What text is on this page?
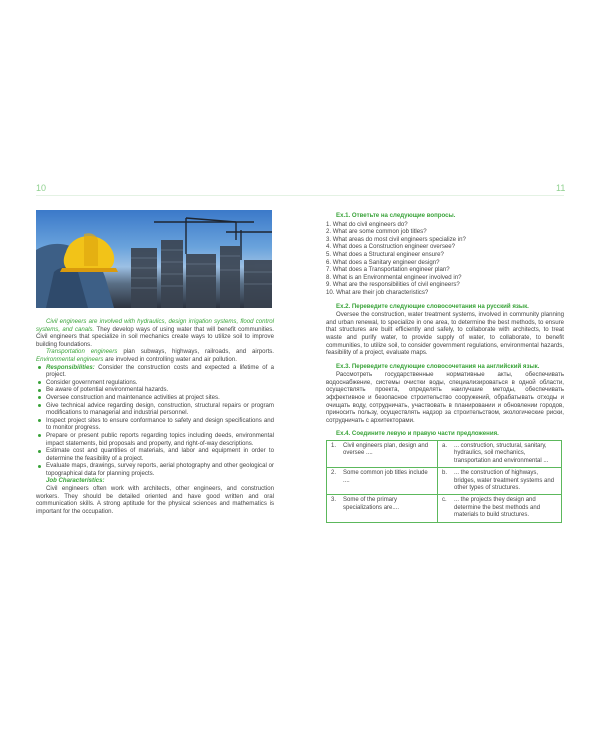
10	11

Civil engineers are involved with hydraulics, design irrigation systems, flood control systems, and canals. They develop ways of using water that will benefit communities. Civil engineers that specialize in soil mechanics create ways to utilize soil to improve building foundations.

Transportation engineers plan subways, highways, railroads, and airports. Environmental engineers are involved in controlling water and air pollution.

Responsibilities: Consider the construction costs and expected a lifetime of a project.
Consider government regulations.
Be aware of potential environmental hazards.
Oversee construction and maintenance activities at project sites.
Give technical advice regarding design, construction, structural repairs or program modifications to managerial and industrial personnel.
Inspect project sites to ensure conformance to safety and design specifications and to monitor progress.
Prepare or present public reports regarding topics including deeds, environmental impact statements, bid proposals and property, and right-of-way descriptions.
Estimate cost and quantities of materials, and labor and equipment in order to determine the feasibility of a project.
Evaluate maps, drawings, survey reports, aerial photography and other geological or topographical data for planning projects.
Job Characteristics:

Civil engineers often work with architects, other engineers, and construction workers. They should be detailed oriented and have good written and oral communication skills. A strong aptitude for the physical sciences and mathematics is important for the occupation.

Ex.1. Ответьте на следующие вопросы.
1. What do civil engineers do?
2. What are some common job titles?
3. What areas do most civil engineers specialize in?
4. What does a Construction engineer oversee?
5. What does a Structural engineer ensure?
6. What does a Sanitary engineer design?
7. What does a Transportation engineer plan?
8. What is an Environmental engineer involved in?
9. What are the responsibilities of civil engineers?
10. What are their job characteristics?
Ex.2. Переведите следующие словосочетания на русский язык.

Oversee the construction, water treatment systems, involved in community planning and urban renewal, to specialize in one area, to determine the best methods, to ensure that structures are built efficiently and safely, to collaborate with architects, to treat waste and purify water, to provide supply of water, to collaborate, to benefit communities, to utilize soil, to consider government regulations, environmental hazards, feasibility of a project, evaluate maps.

Ex.3. Переведите следующие словосочетания на английский язык.

Рассмотреть государственные нормативные акты, обеспечивать водоснабжение, системы очистки воды, специализироваться в одной области, осуществлять проекта, определять наилучшие методы, обеспечивать эффективное и безопасное строительство сооружений, обрабатывать отходы и очищать воду, сотрудничать, участвовать в планировании и обновлении городов, приносить пользу, осуществлять надзор за строительством, экологические риски, сотрудничать с архитекторами.

Ex.4. Соедините левую и правую части предложения.
1. Civil engineers plan, design and oversee ....	a. ... construction, structural, sanitary, hydraulics, soil mechanics, transportation and environmental ...

2. Some common job titles include ....	b. ... the construction of highways, bridges, water treatment systems and other types of structures.

3. Some of the primary specializations are....	c. ... the projects they design and determine the best methods and materials to build structures.
